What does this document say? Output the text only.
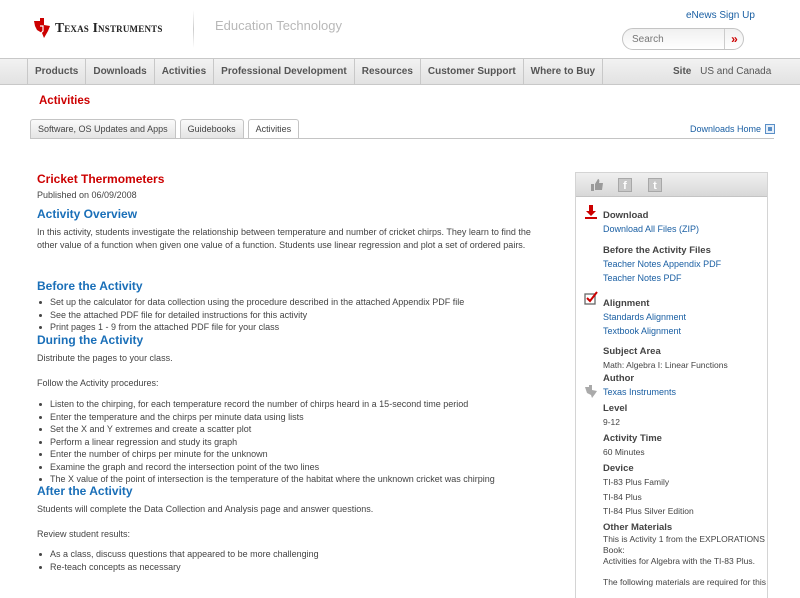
Texas Instruments	Education Technology
eNews Sign Up
Search
»
Products	Downloads	Activities	Professional Development	Resources	Customer Support	Where to Buy	Site US and Canada
Activities
Software, OS Updates and Apps	Guidebooks	Activities	Downloads Home
Cricket Thermometers
Published on 06/09/2008
Activity Overview
In this activity, students investigate the relationship between temperature and number of cricket chirps. They learn to find the other value of a function when given one value of a function. Students use linear regression and plot a set of ordered pairs.
Before the Activity
Set up the calculator for data collection using the procedure described in the attached Appendix PDF file
See the attached PDF file for detailed instructions for this activity
Print pages 1 - 9 from the attached PDF file for your class
During the Activity
Distribute the pages to your class.
Follow the Activity procedures:
Listen to the chirping, for each temperature record the number of chirps heard in a 15-second time period
Enter the temperature and the chirps per minute data using lists
Set the X and Y extremes and create a scatter plot
Perform a linear regression and study its graph
Enter the number of chirps per minute for the unknown
Examine the graph and record the intersection point of the two lines
The X value of the point of intersection is the temperature of the habitat where the unknown cricket was chirping
After the Activity
Students will complete the Data Collection and Analysis page and answer questions.
Review student results:
As a class, discuss questions that appeared to be more challenging
Re-teach concepts as necessary
f	t
Download
Download All Files (ZIP)
Before the Activity Files
Teacher Notes Appendix PDF
Teacher Notes PDF
Alignment
Standards Alignment
Textbook Alignment
Subject Area
Math: Algebra I: Linear Functions
Author
Texas Instruments
Level
9-12
Activity Time
60 Minutes
Device
TI-83 Plus Family
TI-84 Plus
TI-84 Plus Silver Edition
Other Materials
This is Activity 1 from the EXPLORATIONS
Book:
Activities for Algebra with the TI-83 Plus.
The following materials are required for this
